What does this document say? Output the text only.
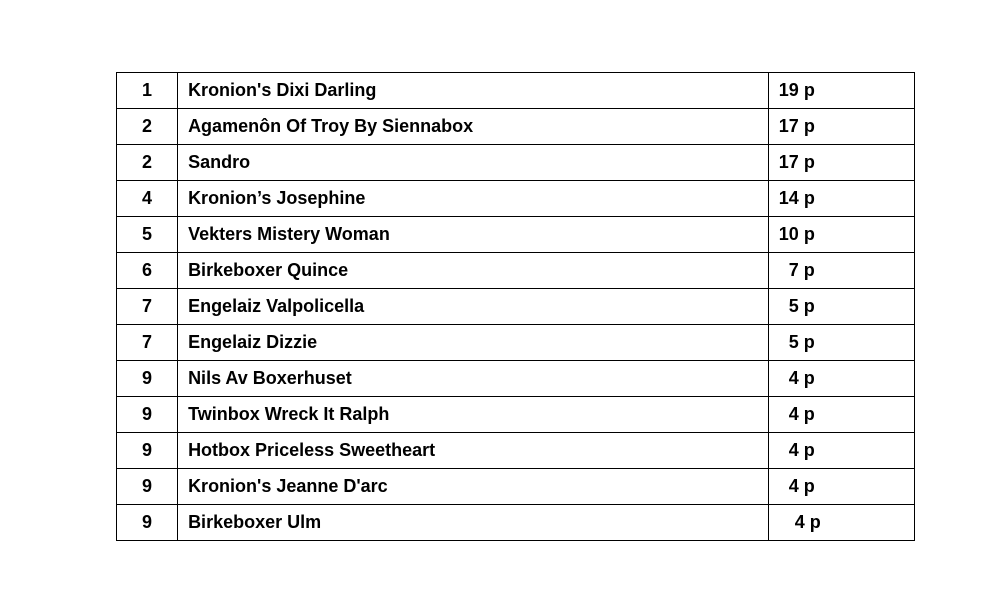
1	Kronion's Dixi Darling	19 p
2	Agamenôn Of Troy By Siennabox	17 p
2	Sandro	17 p
4	Kronion’s Josephine	14 p
5	Vekters Mistery Woman	10 p
6	Birkeboxer Quince	7 p
7	Engelaiz Valpolicella	5 p
7	Engelaiz Dizzie	5 p
9	Nils Av Boxerhuset	4 p
9	Twinbox Wreck It Ralph	4 p
9	Hotbox Priceless Sweetheart	4 p
9	Kronion's Jeanne D'arc	4 p
9	Birkeboxer Ulm	4 p
